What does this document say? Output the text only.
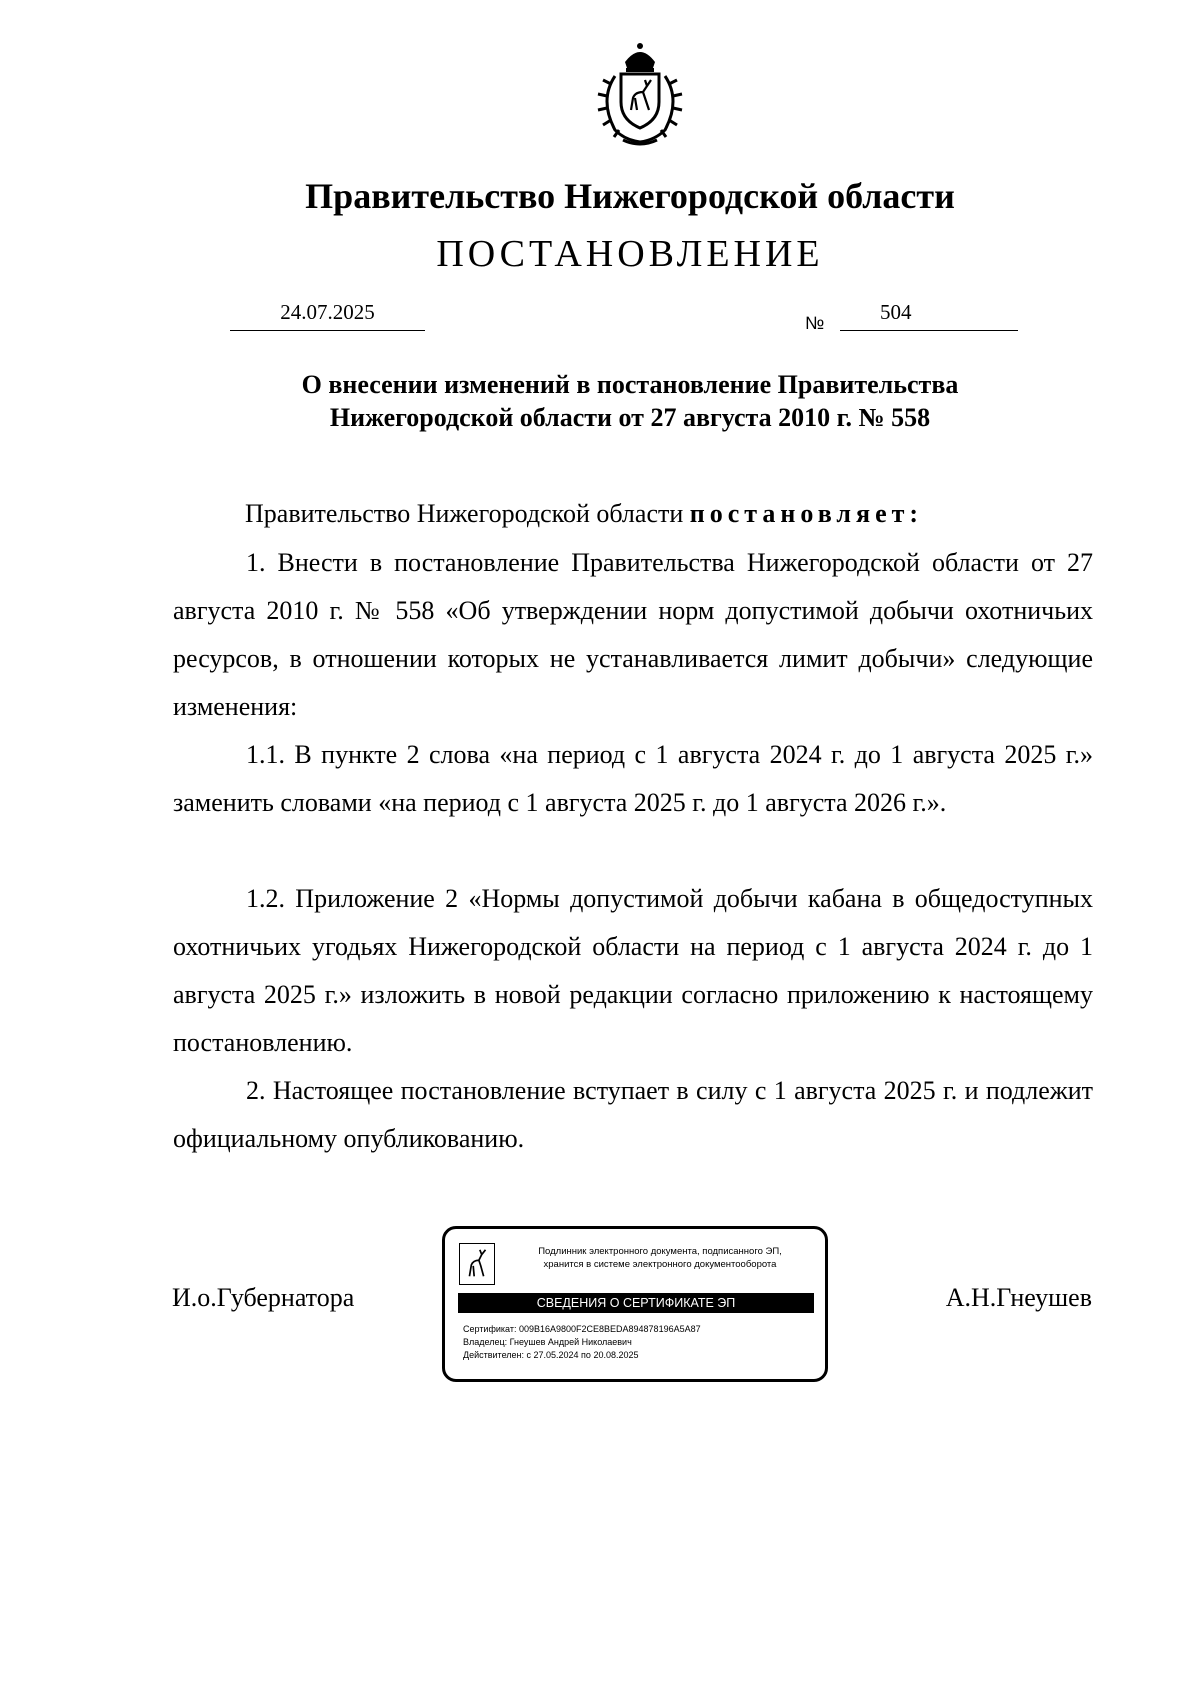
Правительство Нижегородской области
ПОСТАНОВЛЕНИЕ
24.07.2025	№	504
О внесении изменений в постановление Правительства
Нижегородской области от 27 августа 2010 г. № 558
Правительство Нижегородской области постановляет:
1. Внести в постановление Правительства Нижегородской области от 27 августа 2010 г. № 558 «Об утверждении норм допустимой добычи охотничьих ресурсов, в отношении которых не устанавливается лимит добычи» следующие изменения:
1.1. В пункте 2 слова «на период с 1 августа 2024 г. до 1 августа 2025 г.» заменить словами «на период с 1 августа 2025 г. до 1 августа 2026 г.».
1.2. Приложение 2 «Нормы допустимой добычи кабана в общедоступных охотничьих угодьях Нижегородской области на период с 1 августа 2024 г. до 1 августа 2025 г.» изложить в новой редакции согласно приложению к настоящему постановлению.
2. Настоящее постановление вступает в силу с 1 августа 2025 г. и подлежит официальному опубликованию.
И.о.Губернатора	А.Н.Гнеушев
Подлинник электронного документа, подписанного ЭП,
хранится в системе электронного документооборота
СВЕДЕНИЯ О СЕРТИФИКАТЕ ЭП
Сертификат: 009B16A9800F2CE8BEDA894878196A5A87
Владелец: Гнеушев Андрей Николаевич
Действителен: с 27.05.2024 по 20.08.2025
